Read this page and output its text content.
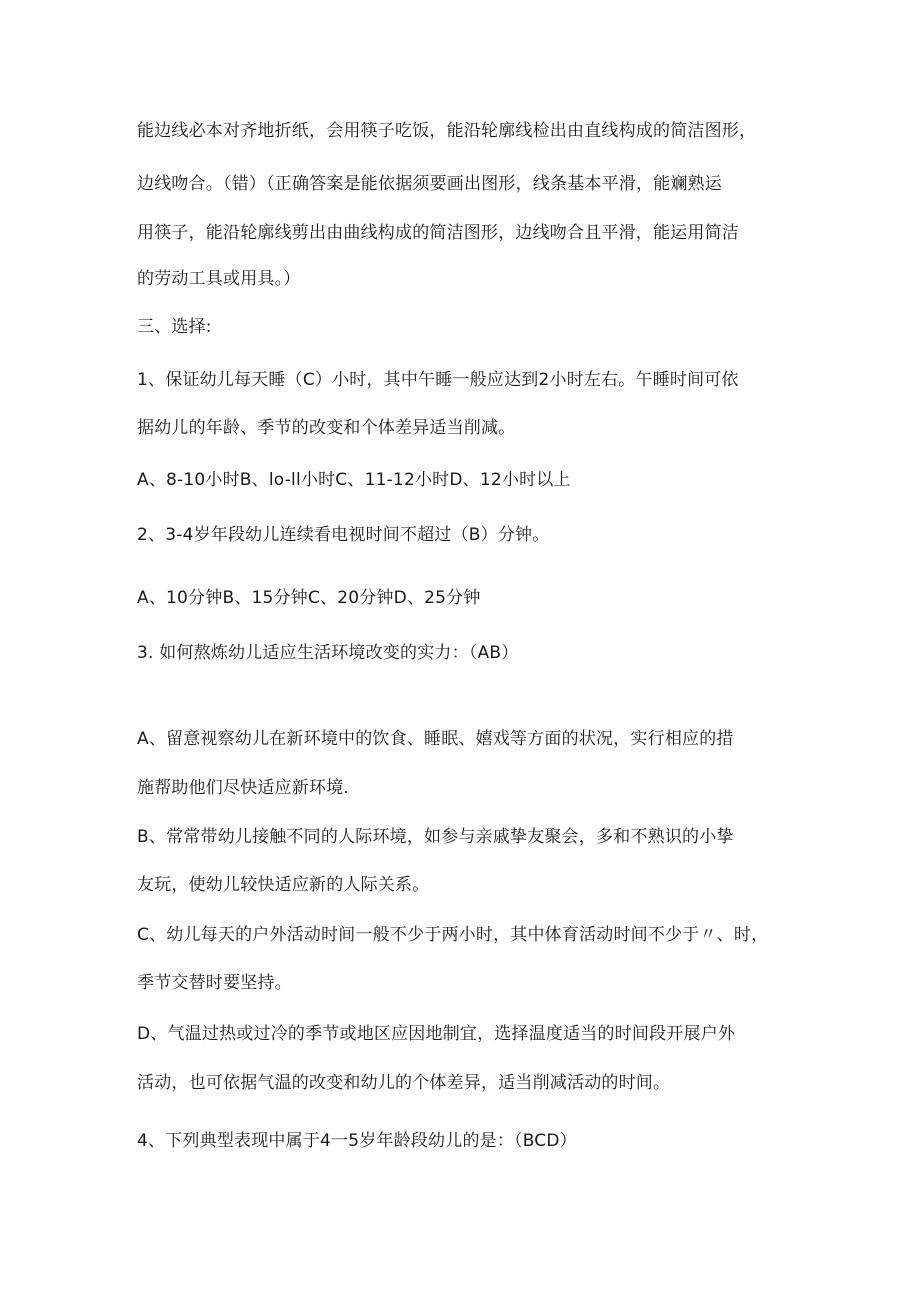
能边线必本对齐地折纸，会用筷子吃饭，能沿轮廓线检出由直线构成的简洁图形，
边线吻合。（错）（正确答案是能依据须要画出图形，线条基本平滑，能斓熟运
用筷子，能沿轮廓线剪出由曲线构成的简洁图形，边线吻合且平滑，能运用简洁
的劳动工具或用具。）
三、选择:
1、保证幼儿每天睡（C）小时，其中午睡一般应达到2小时左右。午睡时间可依
据幼儿的年龄、季节的改变和个体差异适当削减。
A、8-10小时B、lo-ll小时C、11-12小时D、12小时以上
2、3-4岁年段幼儿连续看电视时间不超过（B）分钟。
A、10分钟B、15分钟C、20分钟D、25分钟
3. 如何熬炼幼儿适应生活环境改变的实力：（AB）
A、留意视察幼儿在新环境中的饮食、睡眠、嬉戏等方面的状况，实行相应的措
施帮助他们尽快适应新环境.
B、常常带幼儿接触不同的人际环境，如参与亲戚挚友聚会，多和不熟识的小挚
友玩，使幼儿较快适应新的人际关系。
C、幼儿每天的户外活动时间一般不少于两小时，其中体育活动时间不少于〃、时，
季节交替时要坚持。
D、气温过热或过冷的季节或地区应因地制宜，选择温度适当的时间段开展户外
活动，也可依据气温的改变和幼儿的个体差异，适当削减活动的时间。
4、下列典型表现中属于4一5岁年龄段幼儿的是：（BCD）
